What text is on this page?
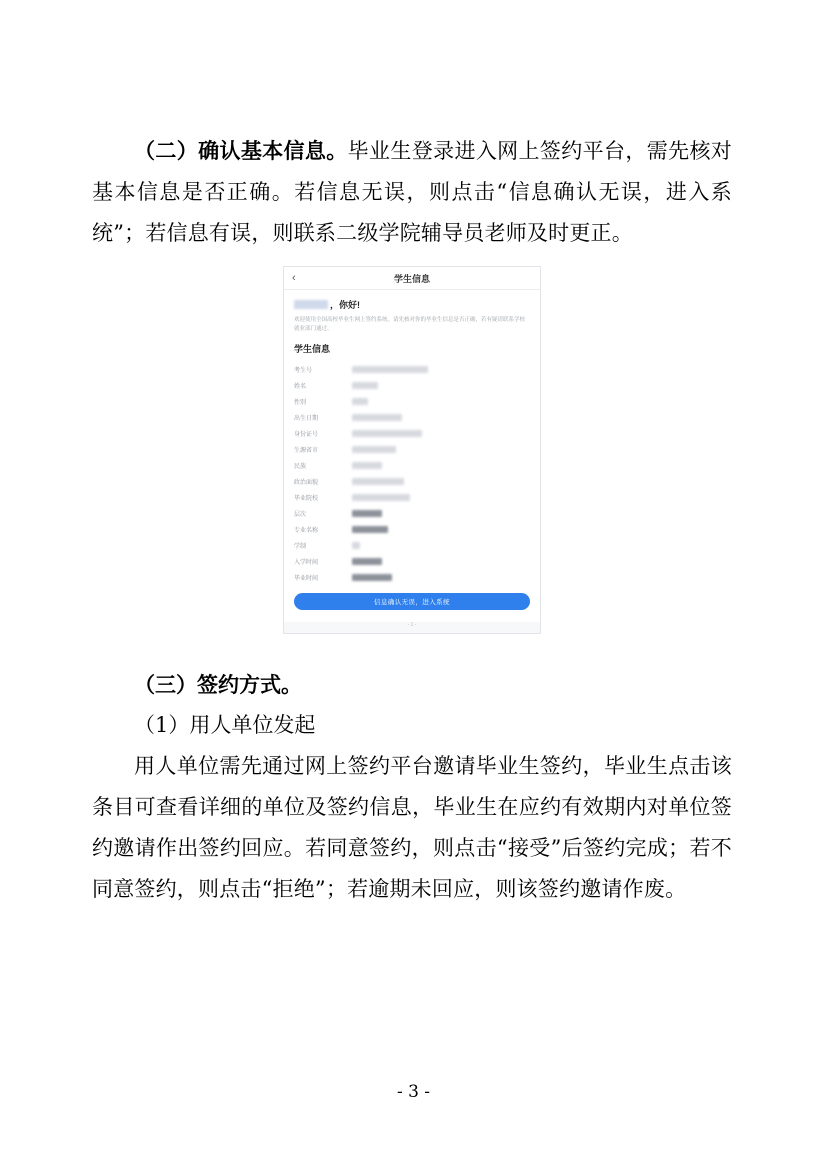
（二）确认基本信息。毕业生登录进入网上签约平台，需先核对基本信息是否正确。若信息无误，则点击“信息确认无误，进入系统”；若信息有误，则联系二级学院辅导员老师及时更正。

‹	学生信息
，你好!
欢迎使用全国高校毕业生网上签约系统。请先核对你的毕业生信息是否正确，若有疑请联系学校就业部门通过。
学生信息
考生号
姓名
性别
出生日期
身份证号
生源省市
民族
政治面貌
毕业院校
层次
专业名称
学制
入学时间
毕业时间
信息确认无误，进入系统
- 1 -

（三）签约方式。

（1）用人单位发起

用人单位需先通过网上签约平台邀请毕业生签约，毕业生点击该条目可查看详细的单位及签约信息，毕业生在应约有效期内对单位签约邀请作出签约回应。若同意签约，则点击“接受”后签约完成；若不同意签约，则点击“拒绝”；若逾期未回应，则该签约邀请作废。

- 3 -
